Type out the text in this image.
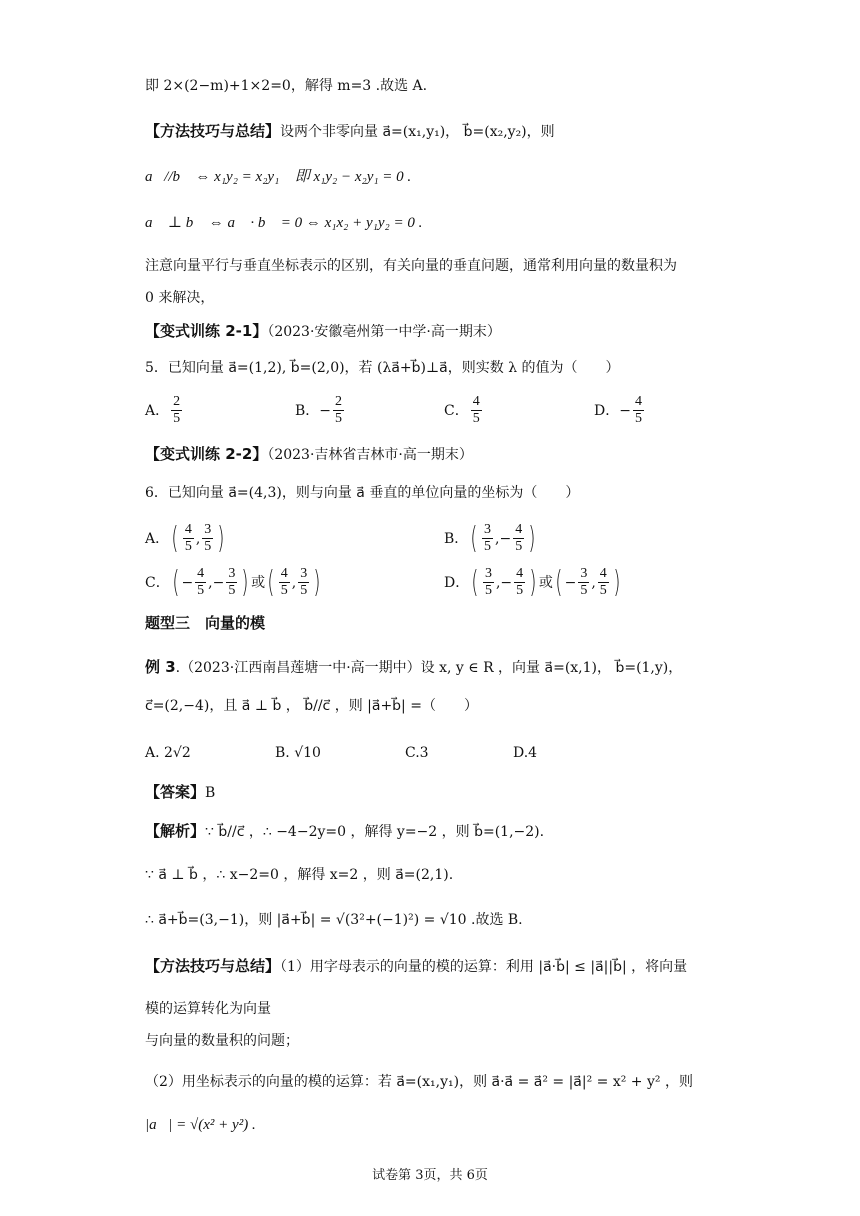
即 2×(2−m)+1×2=0，解得 m=3 .故选 A.
【方法技巧与总结】设两个非零向量 a⃗=(x₁,y₁)， b⃗=(x₂,y₂)，则
a⃗//b⃗ ⇔ x₁y₂ = x₂y₁ ，即 x₁y₂ − x₂y₁ = 0 .
a⃗ ⊥ b⃗ ⇔ a⃗ · b⃗ = 0 ⇔ x₁x₂ + y₁y₂ = 0 .
注意向量平行与垂直坐标表示的区别，有关向量的垂直问题，通常利用向量的数量积为
0 来解决，
【变式训练 2-1】（2023·安徽亳州第一中学·高一期末）
5．已知向量 a⃗=(1,2), b⃗=(2,0)，若 (λa⃗+b⃗)⊥a⃗，则实数 λ 的值为（　　）
A． $\frac{2}{5}$	B． − $\frac{2}{5}$	C． $\frac{4}{5}$	D． − $\frac{4}{5}$
【变式训练 2-2】（2023·吉林省吉林市·高一期末）
6．已知向量 a⃗=(4,3)，则与向量 a⃗ 垂直的单位向量的坐标为（　　）
A． ( $\frac{4}{5}$ , $\frac{3}{5}$ )	B． ( $\frac{3}{5}$ , − $\frac{4}{5}$ )
C． ( − $\frac{4}{5}$ , − $\frac{3}{5}$ ) 或 ( $\frac{4}{5}$ , $\frac{3}{5}$ )	D． ( $\frac{3}{5}$ , − $\frac{4}{5}$ ) 或 ( − $\frac{3}{5}$ , $\frac{4}{5}$ )
题型三　向量的模
例 3.（2023·江西南昌莲塘一中·高一期中）设 x, y ∈ R ，向量 a⃗=(x,1)， b⃗=(1,y)，
c⃗=(2,−4)，且 a⃗ ⊥ b⃗ ， b⃗//c⃗ ，则 |a⃗+b⃗| =（　　）
A. 2√2	B. √10	C.3	D.4
【答案】B
【解析】∵ b⃗//c⃗ ，∴ −4−2y=0 ，解得 y=−2 ，则 b⃗=(1,−2).
∵ a⃗ ⊥ b⃗ ，∴ x−2=0 ，解得 x=2 ，则 a⃗=(2,1).
∴ a⃗+b⃗=(3,−1)，则 |a⃗+b⃗| = √(3²+(−1)²) = √10 .故选 B.
【方法技巧与总结】（1）用字母表示的向量的模的运算：利用 |a⃗·b⃗| ≤ |a⃗||b⃗| ，将向量
模的运算转化为向量
与向量的数量积的问题；
（2）用坐标表示的向量的模的运算：若 a⃗=(x₁,y₁)，则 a⃗·a⃗ = a⃗² = |a⃗|² = x² + y² ，则
|a⃗| = √(x² + y²) .
试卷第 3页，共 6页
